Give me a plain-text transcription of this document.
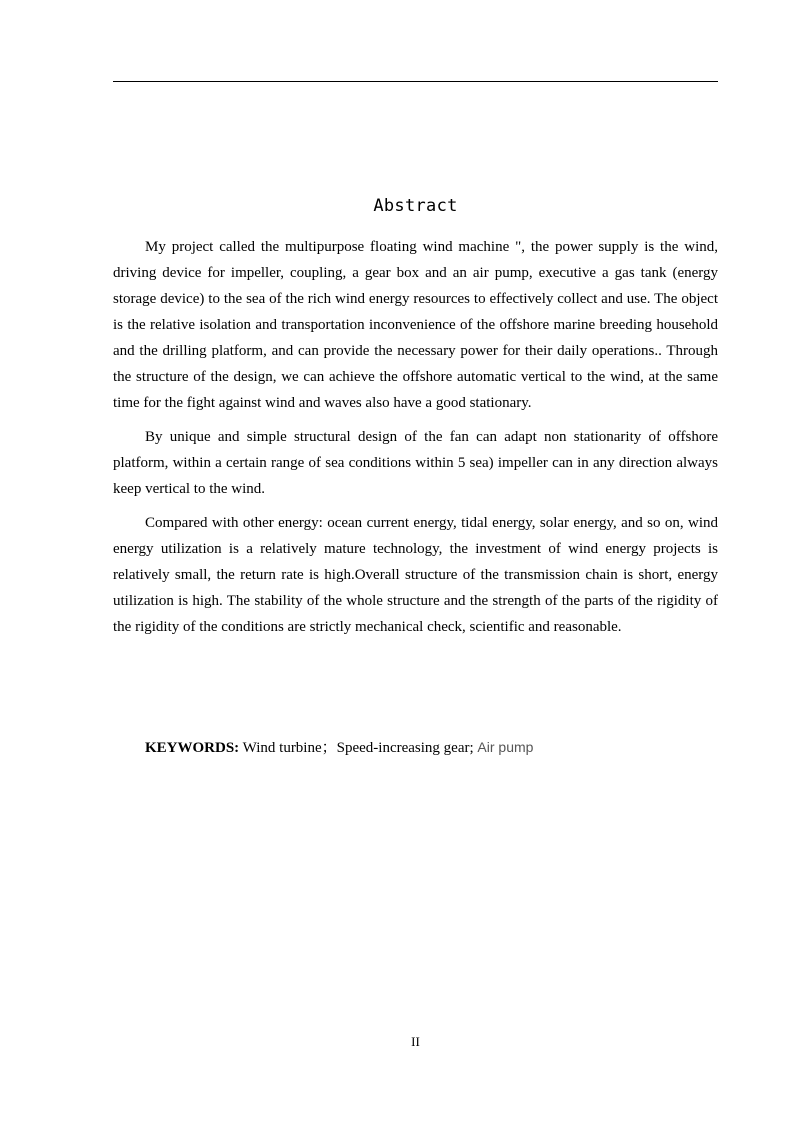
Abstract

My project called the multipurpose floating wind machine ", the power supply is the wind, driving device for impeller, coupling, a gear box and an air pump, executive a gas tank (energy storage device) to the sea of the rich wind energy resources to effectively collect and use. The object is the relative isolation and transportation inconvenience of the offshore marine breeding household and the drilling platform, and can provide the necessary power for their daily operations.. Through the structure of the design, we can achieve the offshore automatic vertical to the wind, at the same time for the fight against wind and waves also have a good stationary.

By unique and simple structural design of the fan can adapt non stationarity of offshore platform, within a certain range of sea conditions within 5 sea) impeller can in any direction always keep vertical to the wind.

Compared with other energy: ocean current energy, tidal energy, solar energy, and so on, wind energy utilization is a relatively mature technology, the investment of wind energy projects is relatively small, the return rate is high.Overall structure of the transmission chain is short, energy utilization is high. The stability of the whole structure and the strength of the parts of the rigidity of the rigidity of the conditions are strictly mechanical check, scientific and reasonable.

KEYWORDS: Wind turbine；Speed-increasing gear; Air pump

II
